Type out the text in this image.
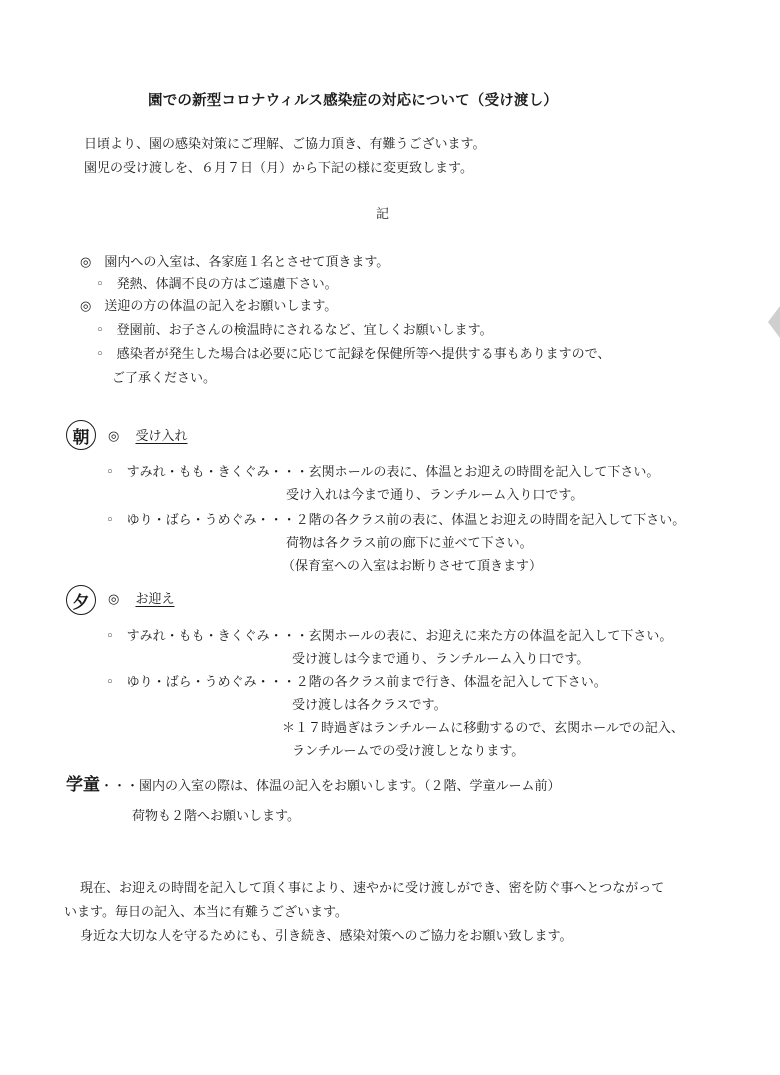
園での新型コロナウィルス感染症の対応について（受け渡し）
日頃より、園の感染対策にご理解、ご協力頂き、有難うございます。
園児の受け渡しを、６月７日（月）から下記の様に変更致します。
記
◎　園内への入室は、各家庭１名とさせて頂きます。
◦　発熱、体調不良の方はご遠慮下さい。
◎　送迎の方の体温の記入をお願いします。
◦　登園前、お子さんの検温時にされるなど、宜しくお願いします。
◦　感染者が発生した場合は必要に応じて記録を保健所等へ提供する事もありますので、
ご了承ください。
朝	◎ 受け入れ
◦　すみれ・もも・きくぐみ・・・玄関ホールの表に、体温とお迎えの時間を記入して下さい。
受け入れは今まで通り、ランチルーム入り口です。
◦　ゆり・ばら・うめぐみ・・・２階の各クラス前の表に、体温とお迎えの時間を記入して下さい。
荷物は各クラス前の廊下に並べて下さい。
（保育室への入室はお断りさせて頂きます）
夕	◎ お迎え
◦　すみれ・もも・きくぐみ・・・玄関ホールの表に、お迎えに来た方の体温を記入して下さい。
受け渡しは今まで通り、ランチルーム入り口です。
◦　ゆり・ばら・うめぐみ・・・２階の各クラス前まで行き、体温を記入して下さい。
受け渡しは各クラスです。
＊１７時過ぎはランチルームに移動するので、玄関ホールでの記入、
ランチルームでの受け渡しとなります。
学童・・・園内の入室の際は、体温の記入をお願いします。（２階、学童ルーム前）
荷物も２階へお願いします。
現在、お迎えの時間を記入して頂く事により、速やかに受け渡しができ、密を防ぐ事へとつながって
います。毎日の記入、本当に有難うございます。
身近な大切な人を守るためにも、引き続き、感染対策へのご協力をお願い致します。
